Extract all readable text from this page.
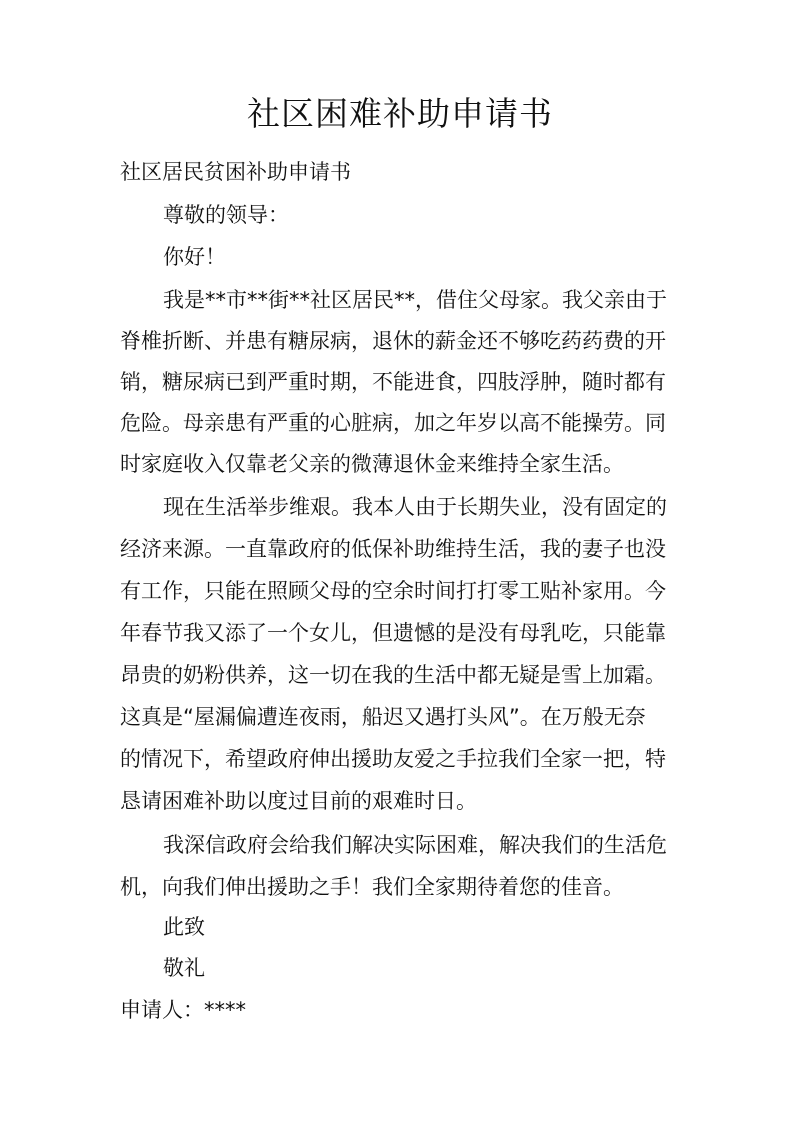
社区困难补助申请书
社区居民贫困补助申请书
尊敬的领导：
你好！
我是**市**街**社区居民**，借住父母家。我父亲由于
脊椎折断、并患有糖尿病，退休的薪金还不够吃药药费的开
销，糖尿病已到严重时期，不能进食，四肢浮肿，随时都有
危险。母亲患有严重的心脏病，加之年岁以高不能操劳。同
时家庭收入仅靠老父亲的微薄退休金来维持全家生活。
现在生活举步维艰。我本人由于长期失业，没有固定的
经济来源。一直靠政府的低保补助维持生活，我的妻子也没
有工作，只能在照顾父母的空余时间打打零工贴补家用。今
年春节我又添了一个女儿，但遗憾的是没有母乳吃，只能靠
昂贵的奶粉供养，这一切在我的生活中都无疑是雪上加霜。
这真是“屋漏偏遭连夜雨，船迟又遇打头风”。在万般无奈
的情况下，希望政府伸出援助友爱之手拉我们全家一把，特
恳请困难补助以度过目前的艰难时日。
我深信政府会给我们解决实际困难，解决我们的生活危
机，向我们伸出援助之手！我们全家期待着您的佳音。
此致
敬礼
申请人：****
